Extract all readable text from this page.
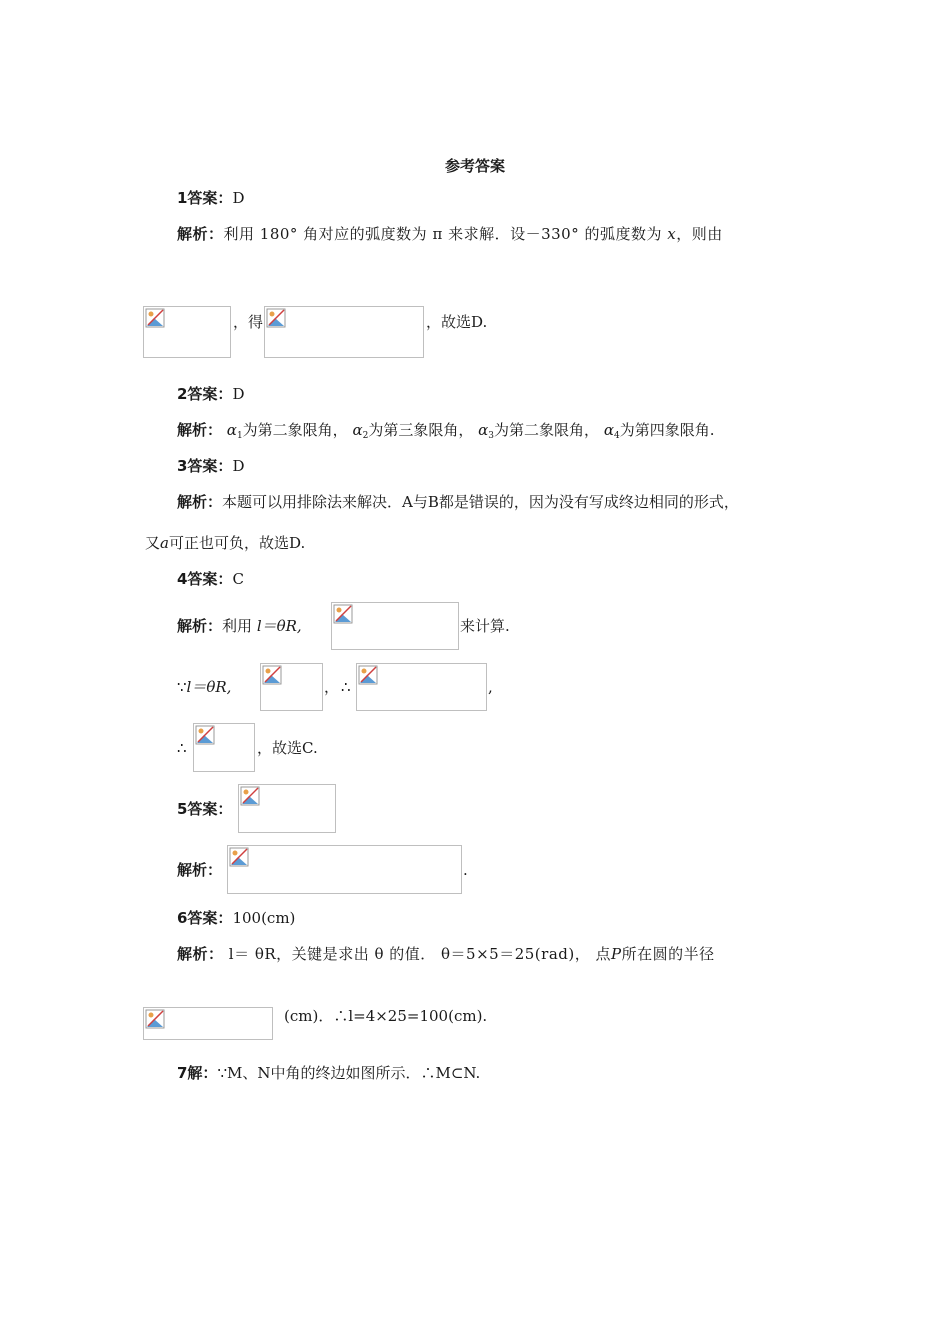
参考答案
1答案：D
解析：利用 180° 角对应的弧度数为 π 来求解．设－330° 的弧度数为 x，则由
，得	，故选D.
2答案：D
解析： $\alpha_1$为第二象限角， $\alpha_2$为第三象限角， $\alpha_3$为第二象限角， $\alpha_4$为第四象限角.
3答案：D
解析：本题可以用排除法来解决．A与B都是错误的，因为没有写成终边相同的形式，
又a可正也可负，故选D.
4答案：C
解析：利用 l＝θR,	来计算.
∵l＝θR,	， ∴	,
∴	，故选C.
5答案：
解析：	.
6答案：100(cm)
解析： l＝ θR，关键是求出 θ 的值． θ＝5×5＝25(rad)， 点P所在圆的半径
(cm)．∴l=4×25=100(cm).
7解：∵M、N中角的终边如图所示．∴M⊂N.
